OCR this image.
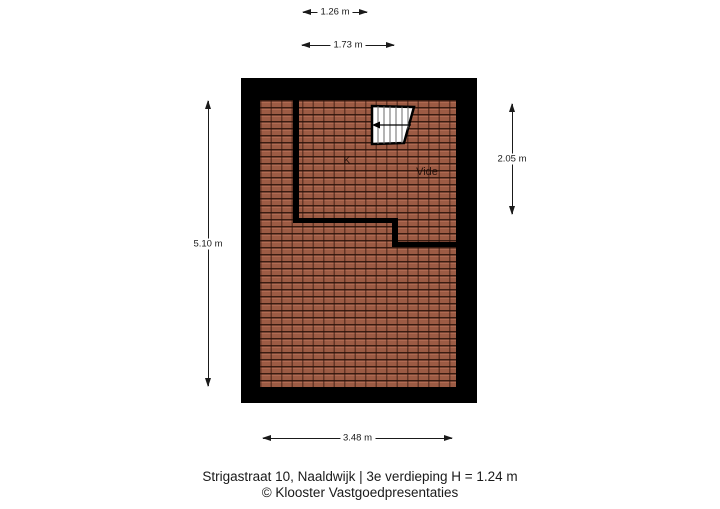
1.26 m
1.73 m
5.10 m
2.05 m
3.48 m
K
Vide
Strigastraat 10, Naaldwijk | 3e verdieping H = 1.24 m
© Klooster Vastgoedpresentaties
